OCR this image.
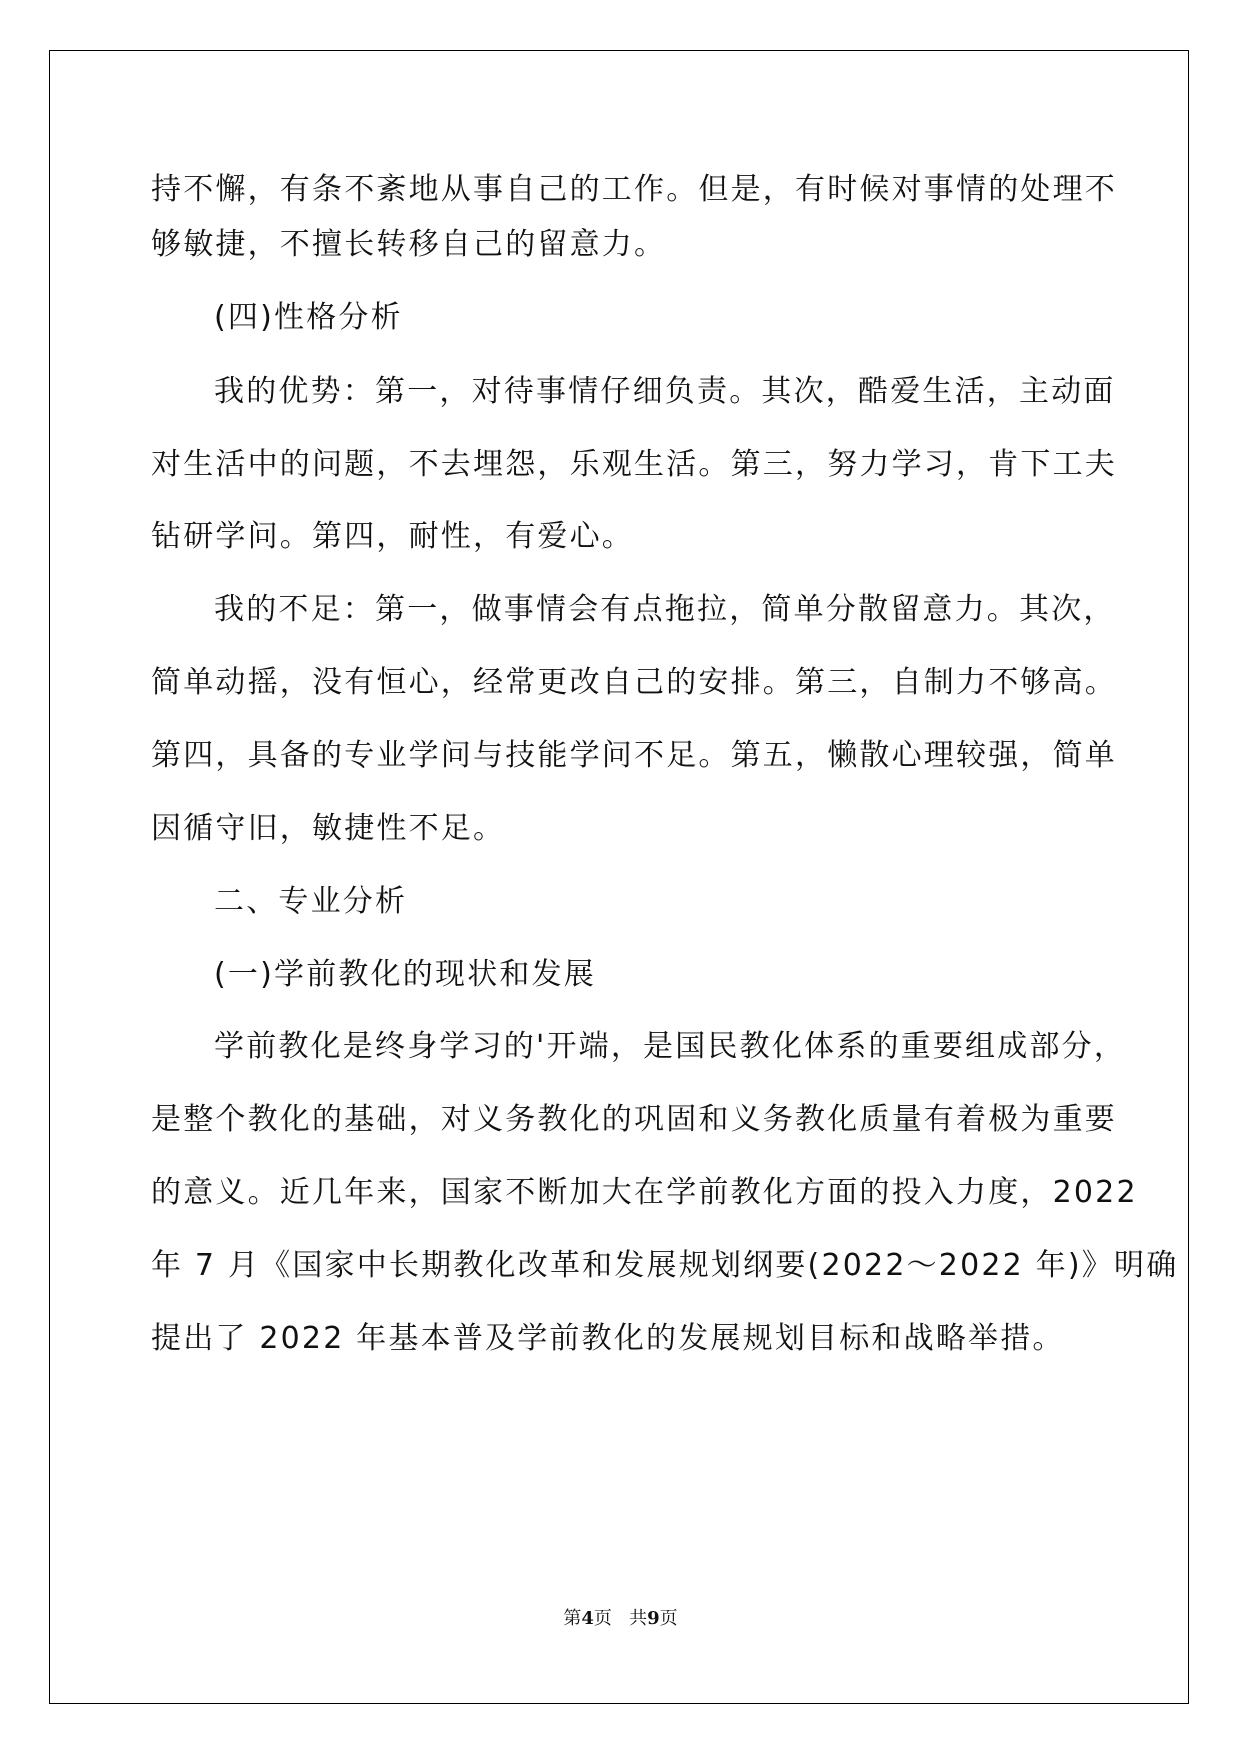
持不懈，有条不紊地从事自己的工作。但是，有时候对事情的处理不
够敏捷，不擅长转移自己的留意力。
(四)性格分析
我的优势：第一，对待事情仔细负责。其次，酷爱生活，主动面
对生活中的问题，不去埋怨，乐观生活。第三，努力学习，肯下工夫
钻研学问。第四，耐性，有爱心。
我的不足：第一，做事情会有点拖拉，简单分散留意力。其次，
简单动摇，没有恒心，经常更改自己的安排。第三，自制力不够高。
第四，具备的专业学问与技能学问不足。第五，懒散心理较强，简单
因循守旧，敏捷性不足。
二、专业分析
(一)学前教化的现状和发展
学前教化是终身学习的'开端，是国民教化体系的重要组成部分，
是整个教化的基础，对义务教化的巩固和义务教化质量有着极为重要
的意义。近几年来，国家不断加大在学前教化方面的投入力度，2022
年 7 月《国家中长期教化改革和发展规划纲要(2022～2022 年)》明确
提出了 2022 年基本普及学前教化的发展规划目标和战略举措。
第4页   共9页
